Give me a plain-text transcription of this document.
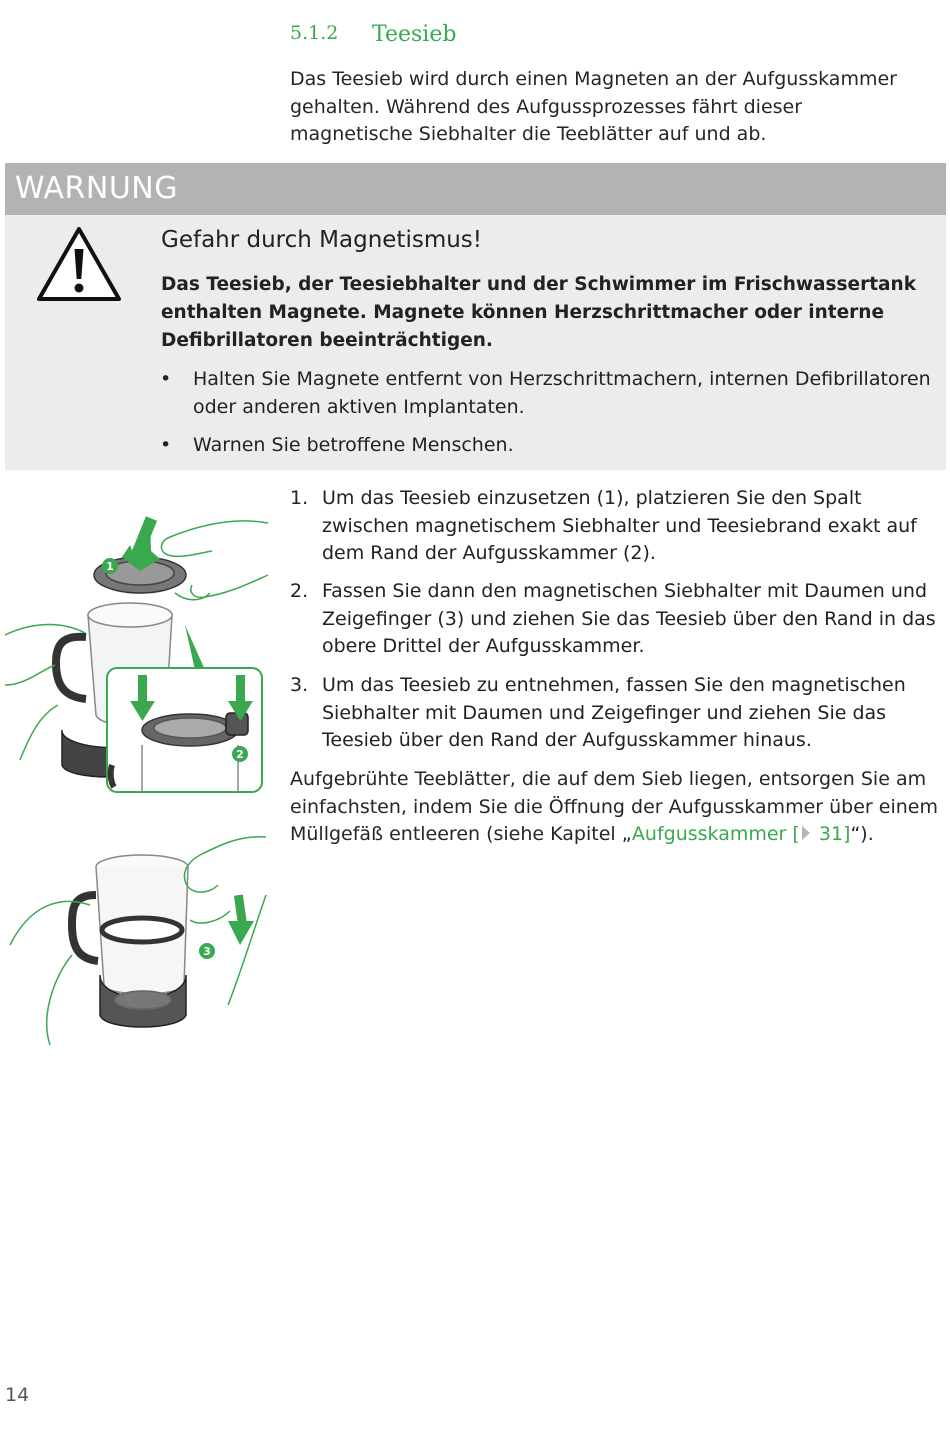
5.1.2 Teesieb
Das Teesieb wird durch einen Magneten an der Aufgusskammer gehalten. Während des Aufgussprozesses fährt dieser magnetische Siebhalter die Teeblätter auf und ab.
WARNUNG
Gefahr durch Magnetismus!
Das Teesieb, der Teesiebhalter und der Schwimmer im Frischwassertank enthalten Magnete. Magnete können Herzschrittmacher oder interne Defibrillatoren beeinträchtigen.
• Halten Sie Magnete entfernt von Herzschrittmachern, internen Defibrillatoren oder anderen aktiven Implantaten.
• Warnen Sie betroffene Menschen.
1
2
3
1. Um das Teesieb einzusetzen (1), platzieren Sie den Spalt zwischen magnetischem Siebhalter und Teesiebrand exakt auf dem Rand der Aufgusskammer (2).
2. Fassen Sie dann den magnetischen Siebhalter mit Daumen und Zeigefinger (3) und ziehen Sie das Teesieb über den Rand in das obere Drittel der Aufgusskammer.
3. Um das Teesieb zu entnehmen, fassen Sie den magnetischen Siebhalter mit Daumen und Zeigefinger und ziehen Sie das Teesieb über den Rand der Aufgusskammer hinaus.
Aufgebrühte Teeblätter, die auf dem Sieb liegen, entsorgen Sie am einfachsten, indem Sie die Öffnung der Aufgusskammer über einem Müllgefäß entleeren (siehe Kapitel „Aufgusskammer [ 31]“).
14
